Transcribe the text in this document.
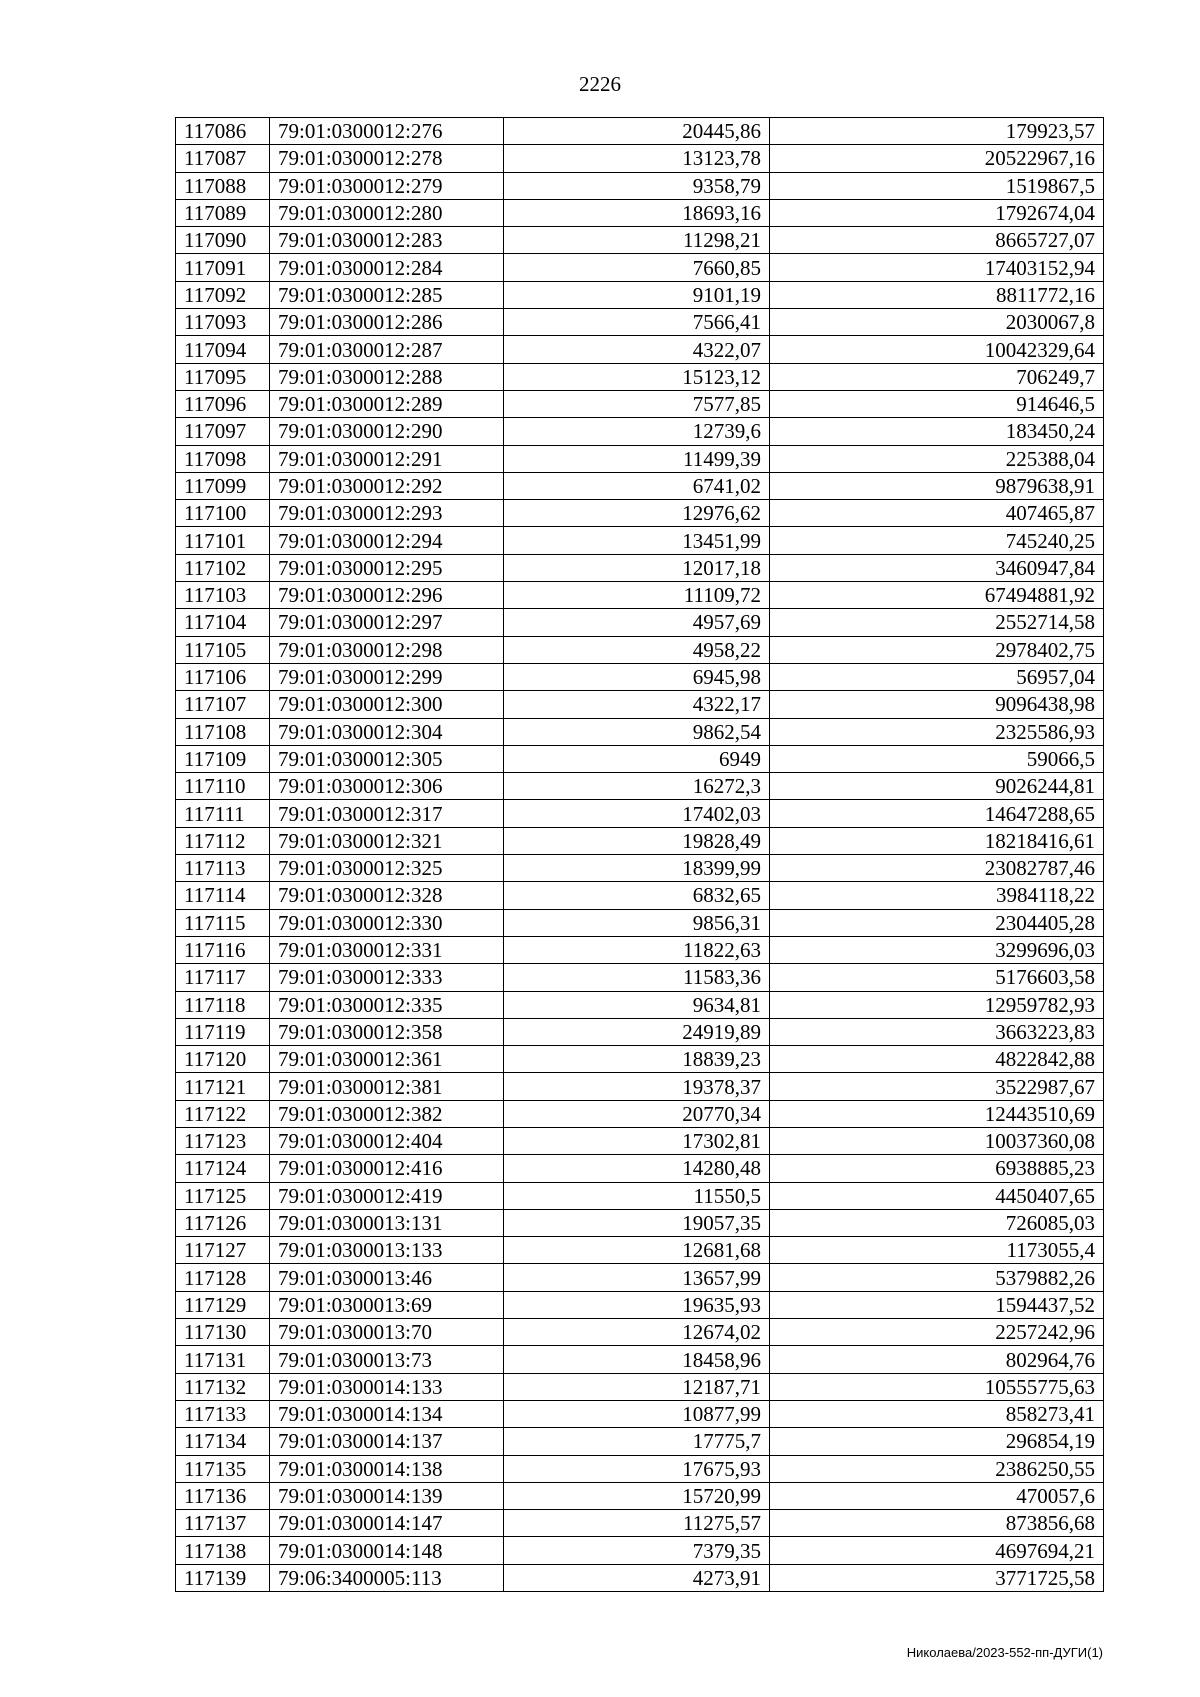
2226
117086	79:01:0300012:276	20445,86	179923,57
117087	79:01:0300012:278	13123,78	20522967,16
117088	79:01:0300012:279	9358,79	1519867,5
117089	79:01:0300012:280	18693,16	1792674,04
117090	79:01:0300012:283	11298,21	8665727,07
117091	79:01:0300012:284	7660,85	17403152,94
117092	79:01:0300012:285	9101,19	8811772,16
117093	79:01:0300012:286	7566,41	2030067,8
117094	79:01:0300012:287	4322,07	10042329,64
117095	79:01:0300012:288	15123,12	706249,7
117096	79:01:0300012:289	7577,85	914646,5
117097	79:01:0300012:290	12739,6	183450,24
117098	79:01:0300012:291	11499,39	225388,04
117099	79:01:0300012:292	6741,02	9879638,91
117100	79:01:0300012:293	12976,62	407465,87
117101	79:01:0300012:294	13451,99	745240,25
117102	79:01:0300012:295	12017,18	3460947,84
117103	79:01:0300012:296	11109,72	67494881,92
117104	79:01:0300012:297	4957,69	2552714,58
117105	79:01:0300012:298	4958,22	2978402,75
117106	79:01:0300012:299	6945,98	56957,04
117107	79:01:0300012:300	4322,17	9096438,98
117108	79:01:0300012:304	9862,54	2325586,93
117109	79:01:0300012:305	6949	59066,5
117110	79:01:0300012:306	16272,3	9026244,81
117111	79:01:0300012:317	17402,03	14647288,65
117112	79:01:0300012:321	19828,49	18218416,61
117113	79:01:0300012:325	18399,99	23082787,46
117114	79:01:0300012:328	6832,65	3984118,22
117115	79:01:0300012:330	9856,31	2304405,28
117116	79:01:0300012:331	11822,63	3299696,03
117117	79:01:0300012:333	11583,36	5176603,58
117118	79:01:0300012:335	9634,81	12959782,93
117119	79:01:0300012:358	24919,89	3663223,83
117120	79:01:0300012:361	18839,23	4822842,88
117121	79:01:0300012:381	19378,37	3522987,67
117122	79:01:0300012:382	20770,34	12443510,69
117123	79:01:0300012:404	17302,81	10037360,08
117124	79:01:0300012:416	14280,48	6938885,23
117125	79:01:0300012:419	11550,5	4450407,65
117126	79:01:0300013:131	19057,35	726085,03
117127	79:01:0300013:133	12681,68	1173055,4
117128	79:01:0300013:46	13657,99	5379882,26
117129	79:01:0300013:69	19635,93	1594437,52
117130	79:01:0300013:70	12674,02	2257242,96
117131	79:01:0300013:73	18458,96	802964,76
117132	79:01:0300014:133	12187,71	10555775,63
117133	79:01:0300014:134	10877,99	858273,41
117134	79:01:0300014:137	17775,7	296854,19
117135	79:01:0300014:138	17675,93	2386250,55
117136	79:01:0300014:139	15720,99	470057,6
117137	79:01:0300014:147	11275,57	873856,68
117138	79:01:0300014:148	7379,35	4697694,21
117139	79:06:3400005:113	4273,91	3771725,58
Николаева/2023-552-пп-ДУГИ(1)
